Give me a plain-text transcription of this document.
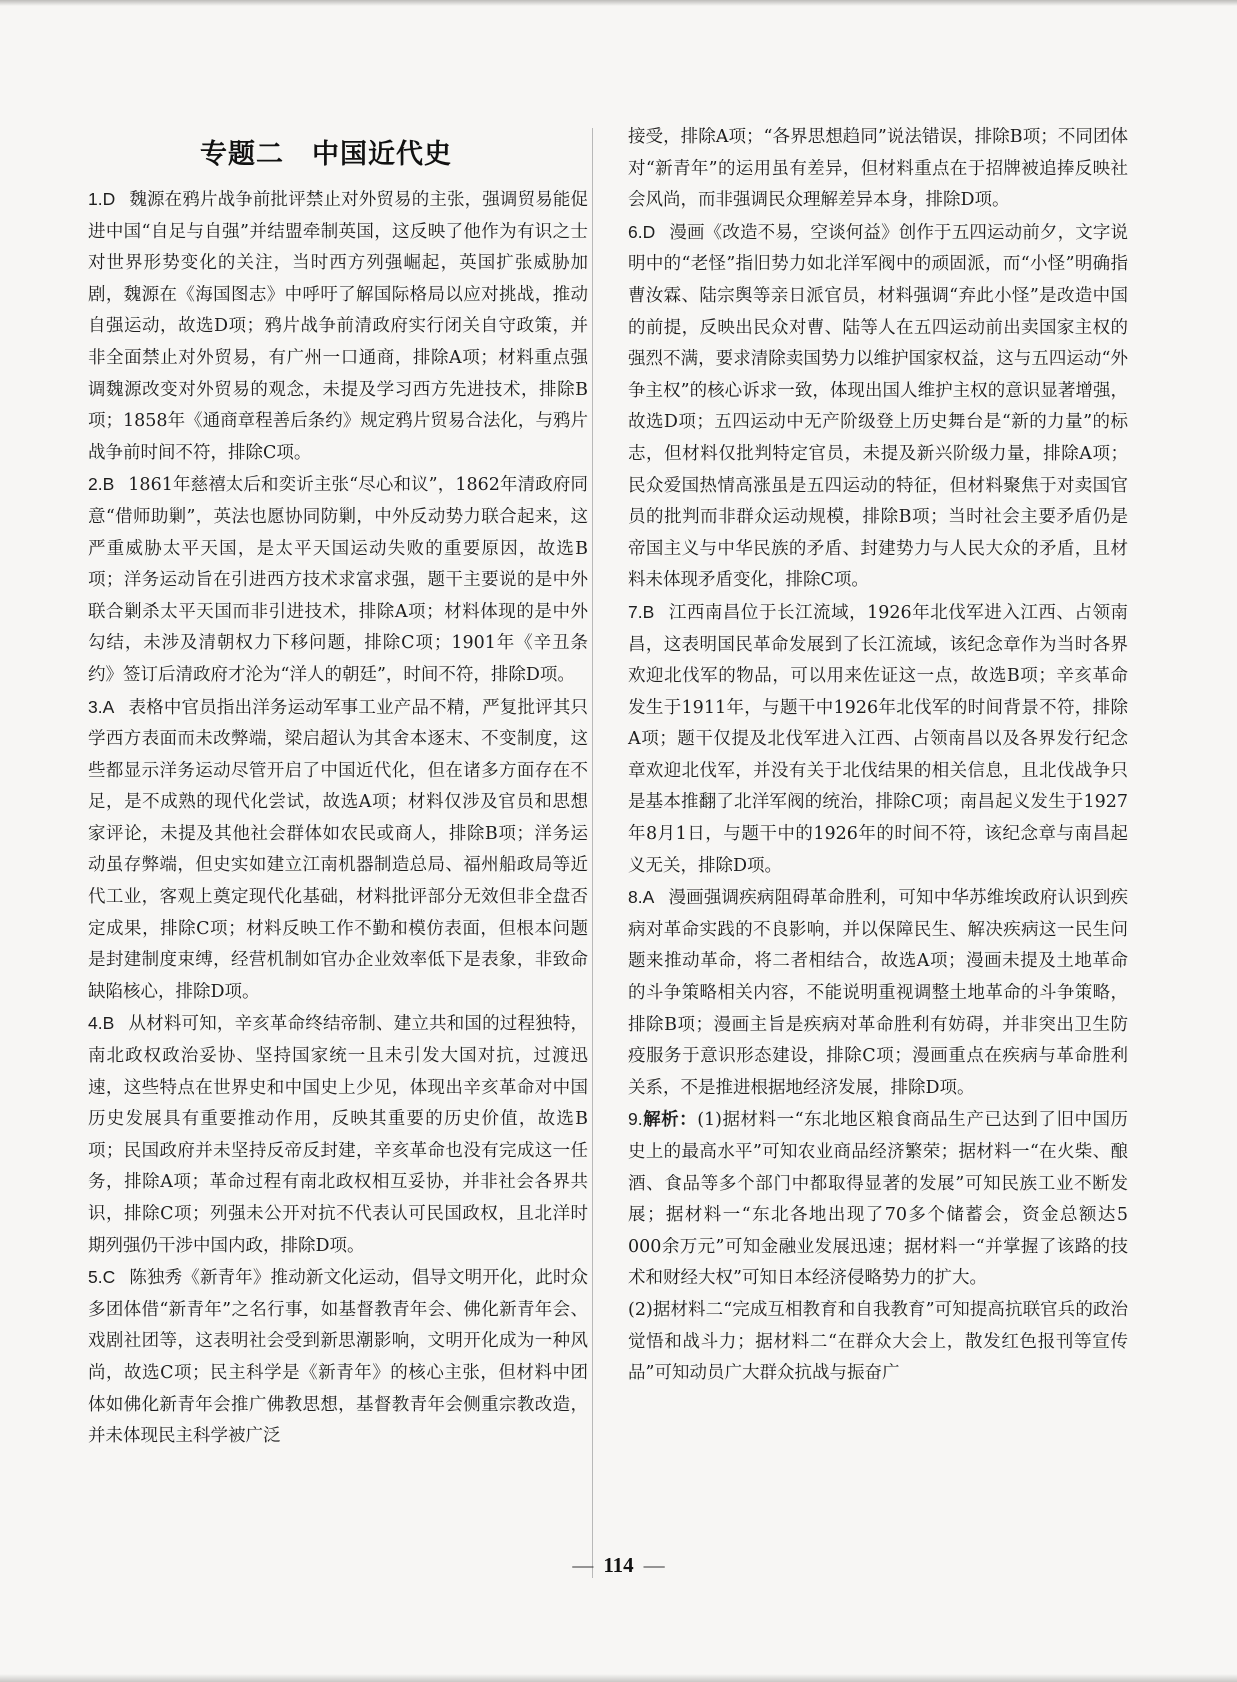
专题二　中国近代史

1.D 魏源在鸦片战争前批评禁止对外贸易的主张，强调贸易能促进中国“自足与自强”并结盟牵制英国，这反映了他作为有识之士对世界形势变化的关注，当时西方列强崛起，英国扩张威胁加剧，魏源在《海国图志》中呼吁了解国际格局以应对挑战，推动自强运动，故选D项；鸦片战争前清政府实行闭关自守政策，并非全面禁止对外贸易，有广州一口通商，排除A项；材料重点强调魏源改变对外贸易的观念，未提及学习西方先进技术，排除B项；1858年《通商章程善后条约》规定鸦片贸易合法化，与鸦片战争前时间不符，排除C项。

2.B 1861年慈禧太后和奕䜣主张“尽心和议”，1862年清政府同意“借师助剿”，英法也愿协同防剿，中外反动势力联合起来，这严重威胁太平天国，是太平天国运动失败的重要原因，故选B项；洋务运动旨在引进西方技术求富求强，题干主要说的是中外联合剿杀太平天国而非引进技术，排除A项；材料体现的是中外勾结，未涉及清朝权力下移问题，排除C项；1901年《辛丑条约》签订后清政府才沦为“洋人的朝廷”，时间不符，排除D项。

3.A 表格中官员指出洋务运动军事工业产品不精，严复批评其只学西方表面而未改弊端，梁启超认为其舍本逐末、不变制度，这些都显示洋务运动尽管开启了中国近代化，但在诸多方面存在不足，是不成熟的现代化尝试，故选A项；材料仅涉及官员和思想家评论，未提及其他社会群体如农民或商人，排除B项；洋务运动虽存弊端，但史实如建立江南机器制造总局、福州船政局等近代工业，客观上奠定现代化基础，材料批评部分无效但非全盘否定成果，排除C项；材料反映工作不勤和模仿表面，但根本问题是封建制度束缚，经营机制如官办企业效率低下是表象，非致命缺陷核心，排除D项。

4.B 从材料可知，辛亥革命终结帝制、建立共和国的过程独特，南北政权政治妥协、坚持国家统一且未引发大国对抗，过渡迅速，这些特点在世界史和中国史上少见，体现出辛亥革命对中国历史发展具有重要推动作用，反映其重要的历史价值，故选B项；民国政府并未坚持反帝反封建，辛亥革命也没有完成这一任务，排除A项；革命过程有南北政权相互妥协，并非社会各界共识，排除C项；列强未公开对抗不代表认可民国政权，且北洋时期列强仍干涉中国内政，排除D项。

5.C 陈独秀《新青年》推动新文化运动，倡导文明开化，此时众多团体借“新青年”之名行事，如基督教青年会、佛化新青年会、戏剧社团等，这表明社会受到新思潮影响，文明开化成为一种风尚，故选C项；民主科学是《新青年》的核心主张，但材料中团体如佛化新青年会推广佛教思想，基督教青年会侧重宗教改造，并未体现民主科学被广泛

接受，排除A项；“各界思想趋同”说法错误，排除B项；不同团体对“新青年”的运用虽有差异，但材料重点在于招牌被追捧反映社会风尚，而非强调民众理解差异本身，排除D项。

6.D 漫画《改造不易，空谈何益》创作于五四运动前夕，文字说明中的“老怪”指旧势力如北洋军阀中的顽固派，而“小怪”明确指曹汝霖、陆宗舆等亲日派官员，材料强调“弃此小怪”是改造中国的前提，反映出民众对曹、陆等人在五四运动前出卖国家主权的强烈不满，要求清除卖国势力以维护国家权益，这与五四运动“外争主权”的核心诉求一致，体现出国人维护主权的意识显著增强，故选D项；五四运动中无产阶级登上历史舞台是“新的力量”的标志，但材料仅批判特定官员，未提及新兴阶级力量，排除A项；民众爱国热情高涨虽是五四运动的特征，但材料聚焦于对卖国官员的批判而非群众运动规模，排除B项；当时社会主要矛盾仍是帝国主义与中华民族的矛盾、封建势力与人民大众的矛盾，且材料未体现矛盾变化，排除C项。

7.B 江西南昌位于长江流域，1926年北伐军进入江西、占领南昌，这表明国民革命发展到了长江流域，该纪念章作为当时各界欢迎北伐军的物品，可以用来佐证这一点，故选B项；辛亥革命发生于1911年，与题干中1926年北伐军的时间背景不符，排除A项；题干仅提及北伐军进入江西、占领南昌以及各界发行纪念章欢迎北伐军，并没有关于北伐结果的相关信息，且北伐战争只是基本推翻了北洋军阀的统治，排除C项；南昌起义发生于1927年8月1日，与题干中的1926年的时间不符，该纪念章与南昌起义无关，排除D项。

8.A 漫画强调疾病阻碍革命胜利，可知中华苏维埃政府认识到疾病对革命实践的不良影响，并以保障民生、解决疾病这一民生问题来推动革命，将二者相结合，故选A项；漫画未提及土地革命的斗争策略相关内容，不能说明重视调整土地革命的斗争策略，排除B项；漫画主旨是疾病对革命胜利有妨碍，并非突出卫生防疫服务于意识形态建设，排除C项；漫画重点在疾病与革命胜利关系，不是推进根据地经济发展，排除D项。

9.解析：(1)据材料一“东北地区粮食商品生产已达到了旧中国历史上的最高水平”可知农业商品经济繁荣；据材料一“在火柴、酿酒、食品等多个部门中都取得显著的发展”可知民族工业不断发展；据材料一“东北各地出现了70多个储蓄会，资金总额达5 000余万元”可知金融业发展迅速；据材料一“并掌握了该路的技术和财经大权”可知日本经济侵略势力的扩大。

(2)据材料二“完成互相教育和自我教育”可知提高抗联官兵的政治觉悟和战斗力；据材料二“在群众大会上，散发红色报刊等宣传品”可知动员广大群众抗战与振奋广

— 114 —
